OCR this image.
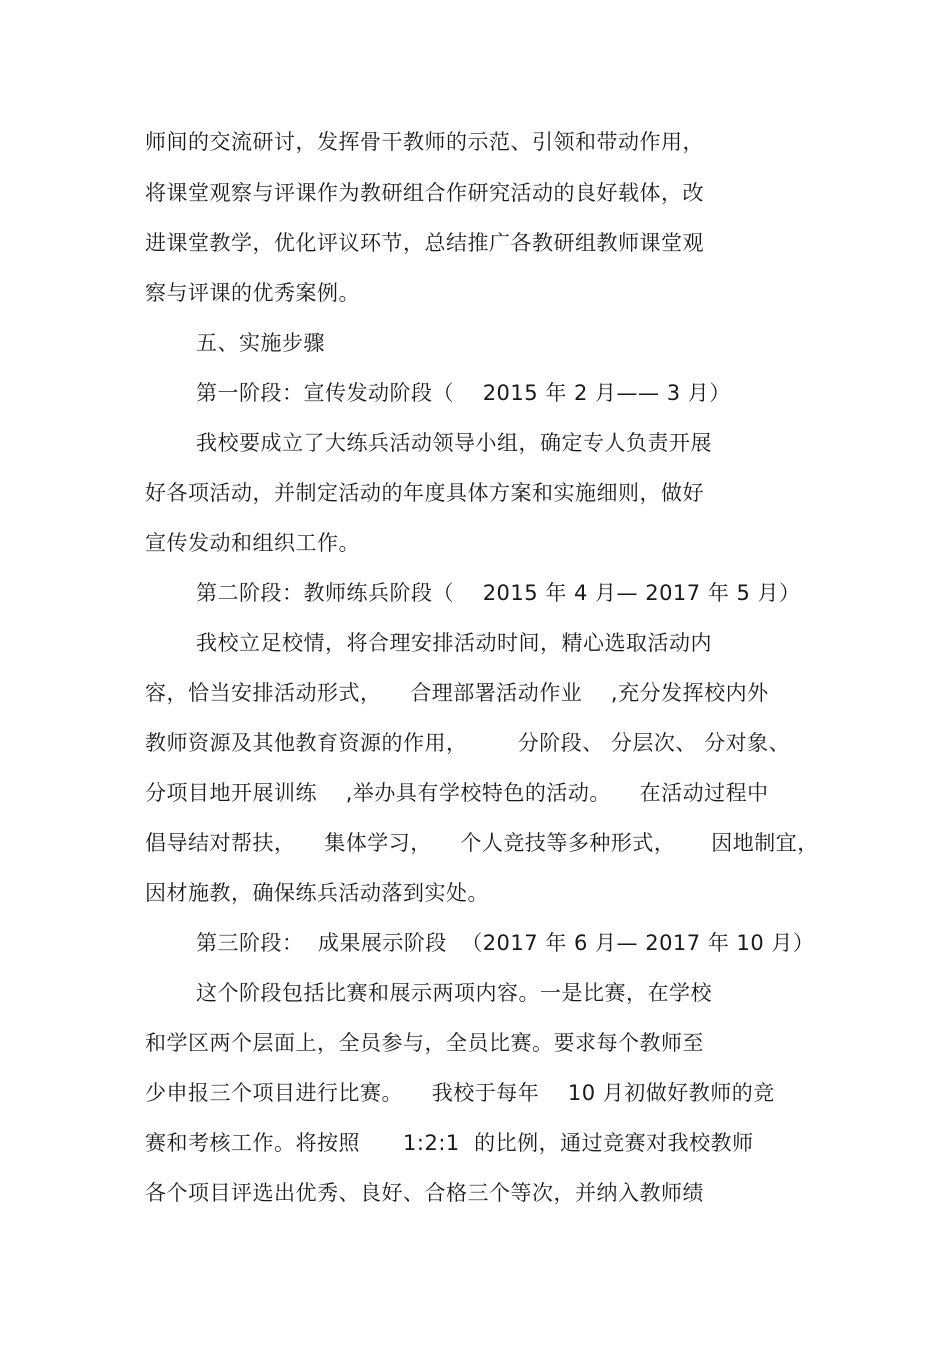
师间的交流研讨，发挥骨干教师的示范、引领和带动作用，
将课堂观察与评课作为教研组合作研究活动的良好载体，改
进课堂教学，优化评议环节，总结推广各教研组教师课堂观
察与评课的优秀案例。
五、实施步骤
第一阶段：宣传发动阶段（    2015 年 2 月—— 3 月）
我校要成立了大练兵活动领导小组，确定专人负责开展
好各项活动，并制定活动的年度具体方案和实施细则，做好
宣传发动和组织工作。
第二阶段：教师练兵阶段（    2015 年 4 月— 2017 年 5 月）
我校立足校情，将合理安排活动时间，精心选取活动内
容，恰当安排活动形式，    合理部署活动作业    ,充分发挥校内外
教师资源及其他教育资源的作用，       分阶段、 分层次、 分对象、
分项目地开展训练    ,举办具有学校特色的活动。    在活动过程中
倡导结对帮扶，    集体学习，    个人竞技等多种形式，     因地制宜，
因材施教，确保练兵活动落到实处。
第三阶段：  成果展示阶段  （2017 年 6 月— 2017 年 10 月）
这个阶段包括比赛和展示两项内容。一是比赛，在学校
和学区两个层面上，全员参与，全员比赛。要求每个教师至
少申报三个项目进行比赛。    我校于每年    10 月初做好教师的竞
赛和考核工作。将按照      1:2:1  的比例，通过竞赛对我校教师
各个项目评选出优秀、良好、合格三个等次，并纳入教师绩
